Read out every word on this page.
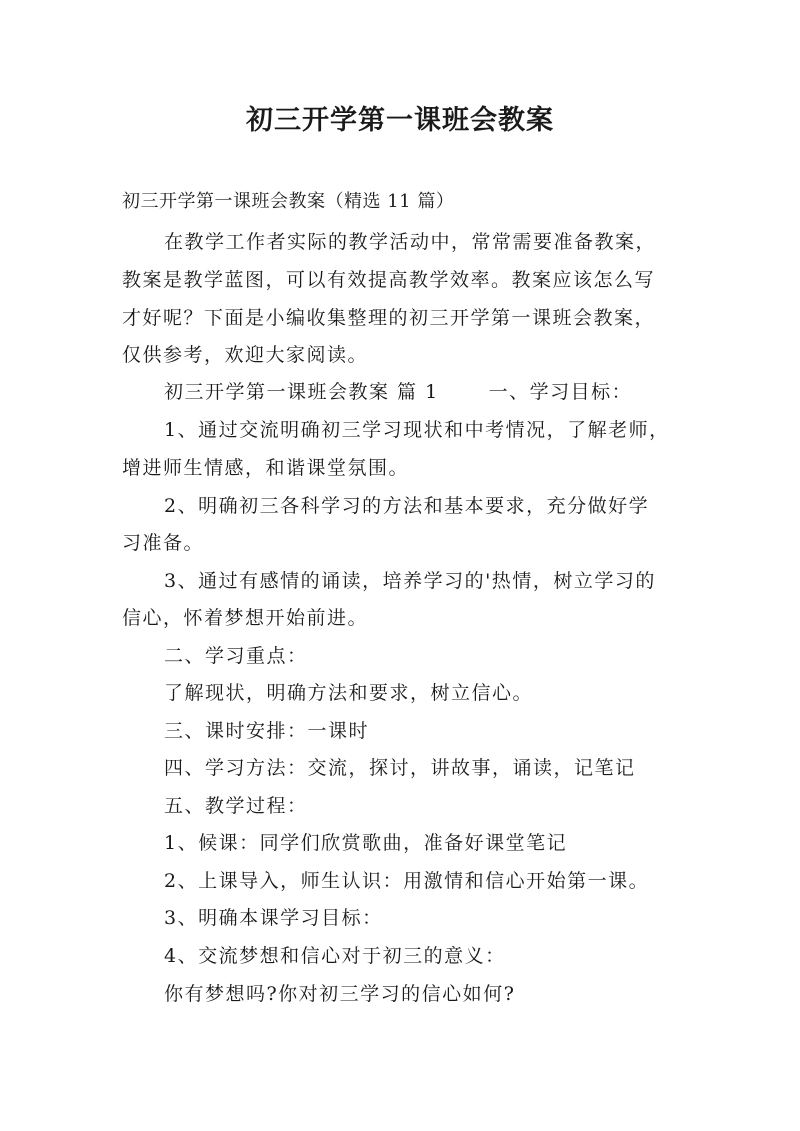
初三开学第一课班会教案
初三开学第一课班会教案（精选 11 篇）
在教学工作者实际的教学活动中，常常需要准备教案，
教案是教学蓝图，可以有效提高教学效率。教案应该怎么写
才好呢？下面是小编收集整理的初三开学第一课班会教案，
仅供参考，欢迎大家阅读。
初三开学第一课班会教案 篇 1	一、学习目标：
1、通过交流明确初三学习现状和中考情况，了解老师，
增进师生情感，和谐课堂氛围。
2、明确初三各科学习的方法和基本要求，充分做好学
习准备。
3、通过有感情的诵读，培养学习的'热情，树立学习的
信心，怀着梦想开始前进。
二、学习重点：
了解现状，明确方法和要求，树立信心。
三、课时安排：一课时
四、学习方法：交流，探讨，讲故事，诵读，记笔记
五、教学过程：
1、候课：同学们欣赏歌曲，准备好课堂笔记
2、上课导入，师生认识：用激情和信心开始第一课。
3、明确本课学习目标：
4、交流梦想和信心对于初三的意义：
你有梦想吗?你对初三学习的信心如何?
